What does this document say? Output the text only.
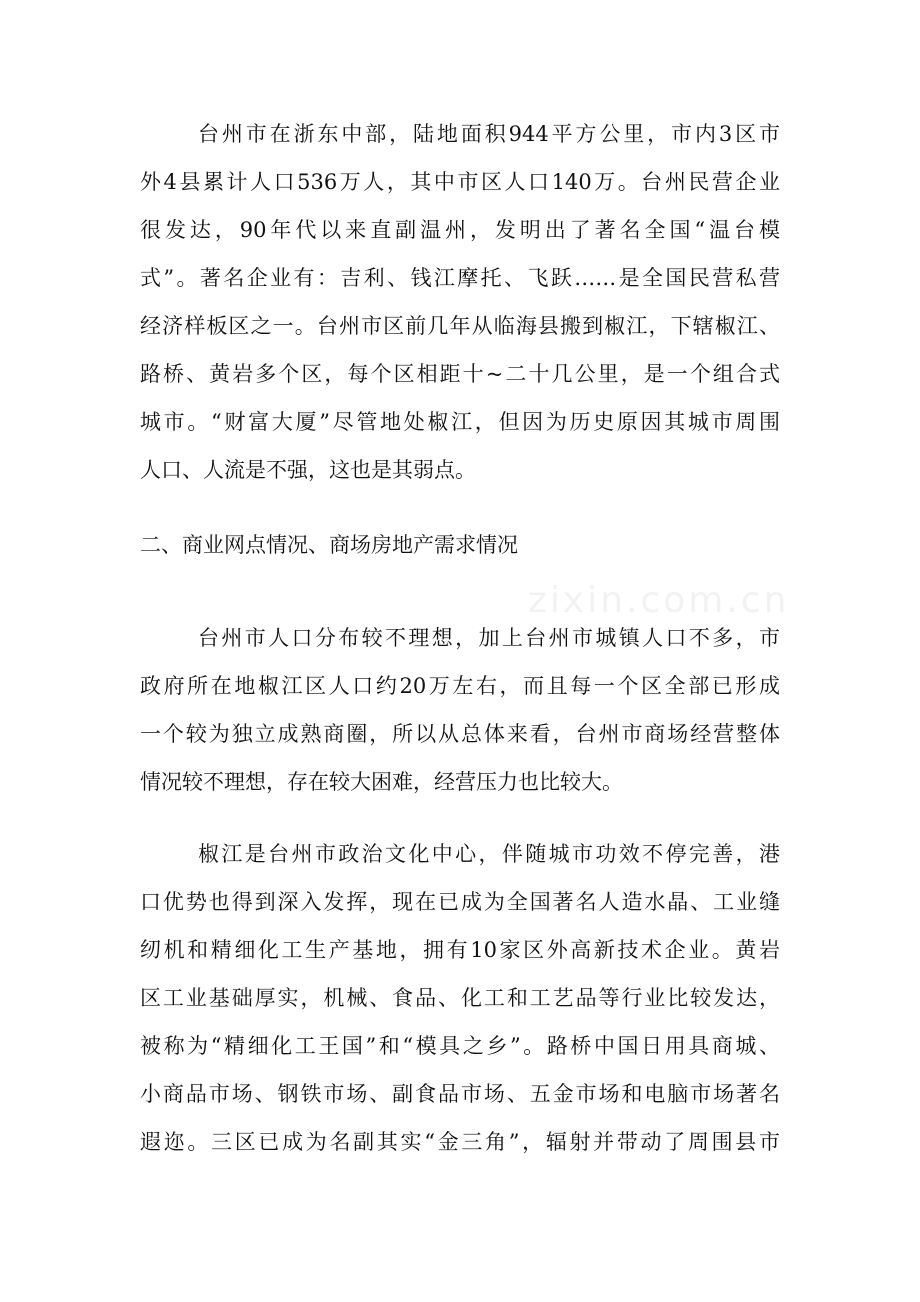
zixin.com.cn
台州市在浙东中部，陆地面积944平方公里，市内3区市
外4县累计人口536万人，其中市区人口140万。台州民营企业
很发达，90年代以来直副温州，发明出了著名全国“温台模
式”。著名企业有：吉利、钱江摩托、飞跃……是全国民营私营
经济样板区之一。台州市区前几年从临海县搬到椒江，下辖椒江、
路桥、黄岩多个区，每个区相距十~二十几公里，是一个组合式
城市。“财富大厦”尽管地处椒江，但因为历史原因其城市周围
人口、人流是不强，这也是其弱点。
二、商业网点情况、商场房地产需求情况
台州市人口分布较不理想，加上台州市城镇人口不多，市
政府所在地椒江区人口约20万左右，而且每一个区全部已形成
一个较为独立成熟商圈，所以从总体来看，台州市商场经营整体
情况较不理想，存在较大困难，经营压力也比较大。
椒江是台州市政治文化中心，伴随城市功效不停完善，港
口优势也得到深入发挥，现在已成为全国著名人造水晶、工业缝
纫机和精细化工生产基地，拥有10家区外高新技术企业。黄岩
区工业基础厚实，机械、食品、化工和工艺品等行业比较发达，
被称为“精细化工王国”和“模具之乡”。路桥中国日用具商城、
小商品市场、钢铁市场、副食品市场、五金市场和电脑市场著名
遐迩。三区已成为名副其实“金三角”，辐射并带动了周围县市
